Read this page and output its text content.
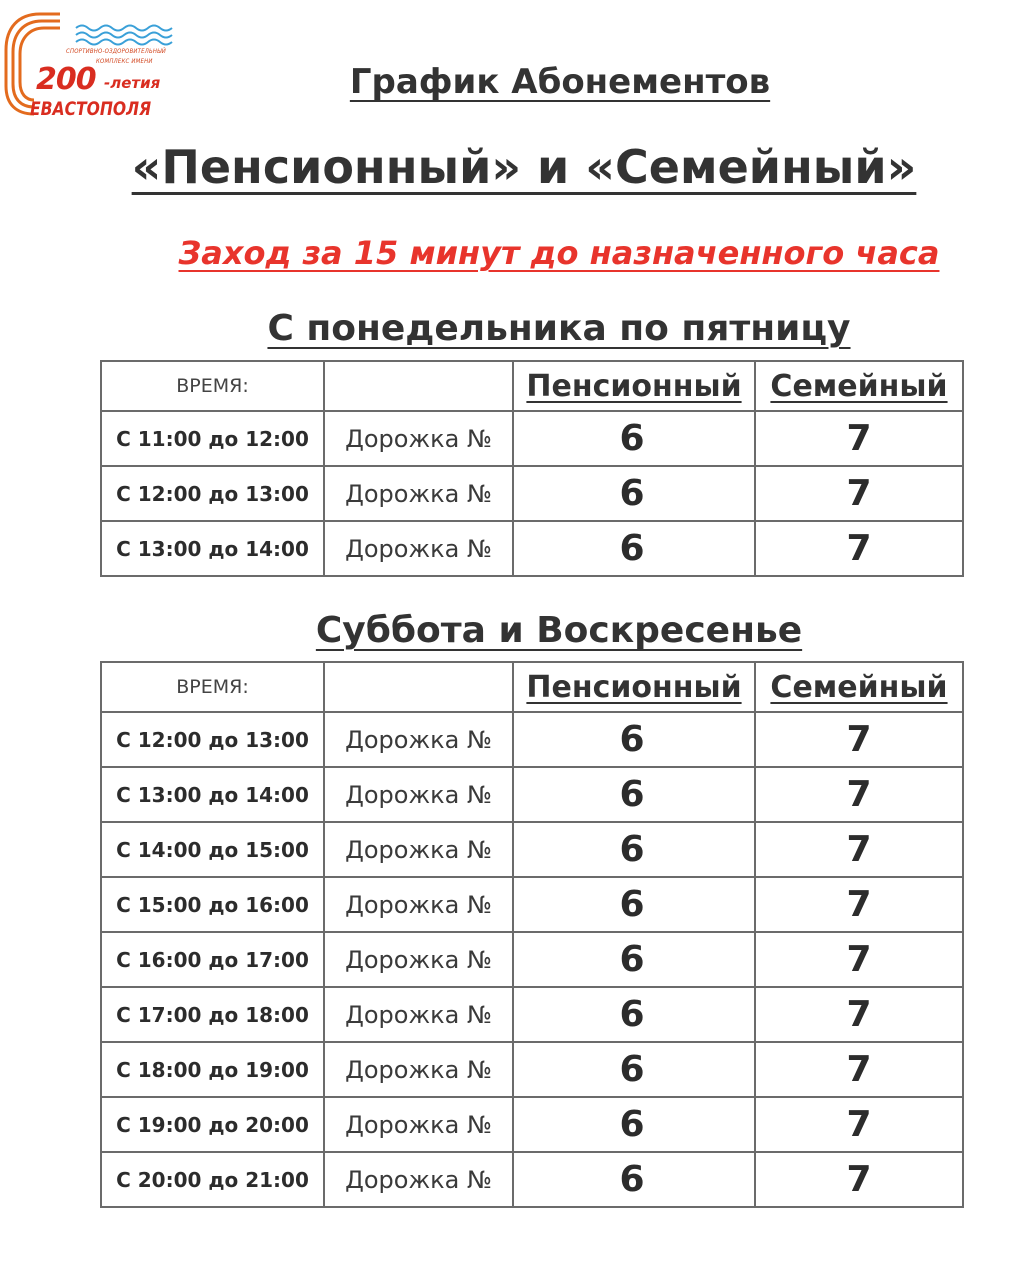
СПОРТИВНО-ОЗДОРОВИТЕЛЬНЫЙ
КОМПЛЕКС ИМЕНИ
200 -летия
ЕВАСТОПОЛЯ
График Абонементов
«Пенсионный» и «Семейный»
Заход за 15 минут до назначенного часа
С понедельника по пятницу
ВРЕМЯ:		Пенсионный	Семейный
С 11:00 до 12:00	Дорожка №	6	7
С 12:00 до 13:00	Дорожка №	6	7
С 13:00 до 14:00	Дорожка №	6	7
Суббота и Воскресенье
ВРЕМЯ:		Пенсионный	Семейный
С 12:00 до 13:00	Дорожка №	6	7
С 13:00 до 14:00	Дорожка №	6	7
С 14:00 до 15:00	Дорожка №	6	7
С 15:00 до 16:00	Дорожка №	6	7
С 16:00 до 17:00	Дорожка №	6	7
С 17:00 до 18:00	Дорожка №	6	7
С 18:00 до 19:00	Дорожка №	6	7
С 19:00 до 20:00	Дорожка №	6	7
С 20:00 до 21:00	Дорожка №	6	7
